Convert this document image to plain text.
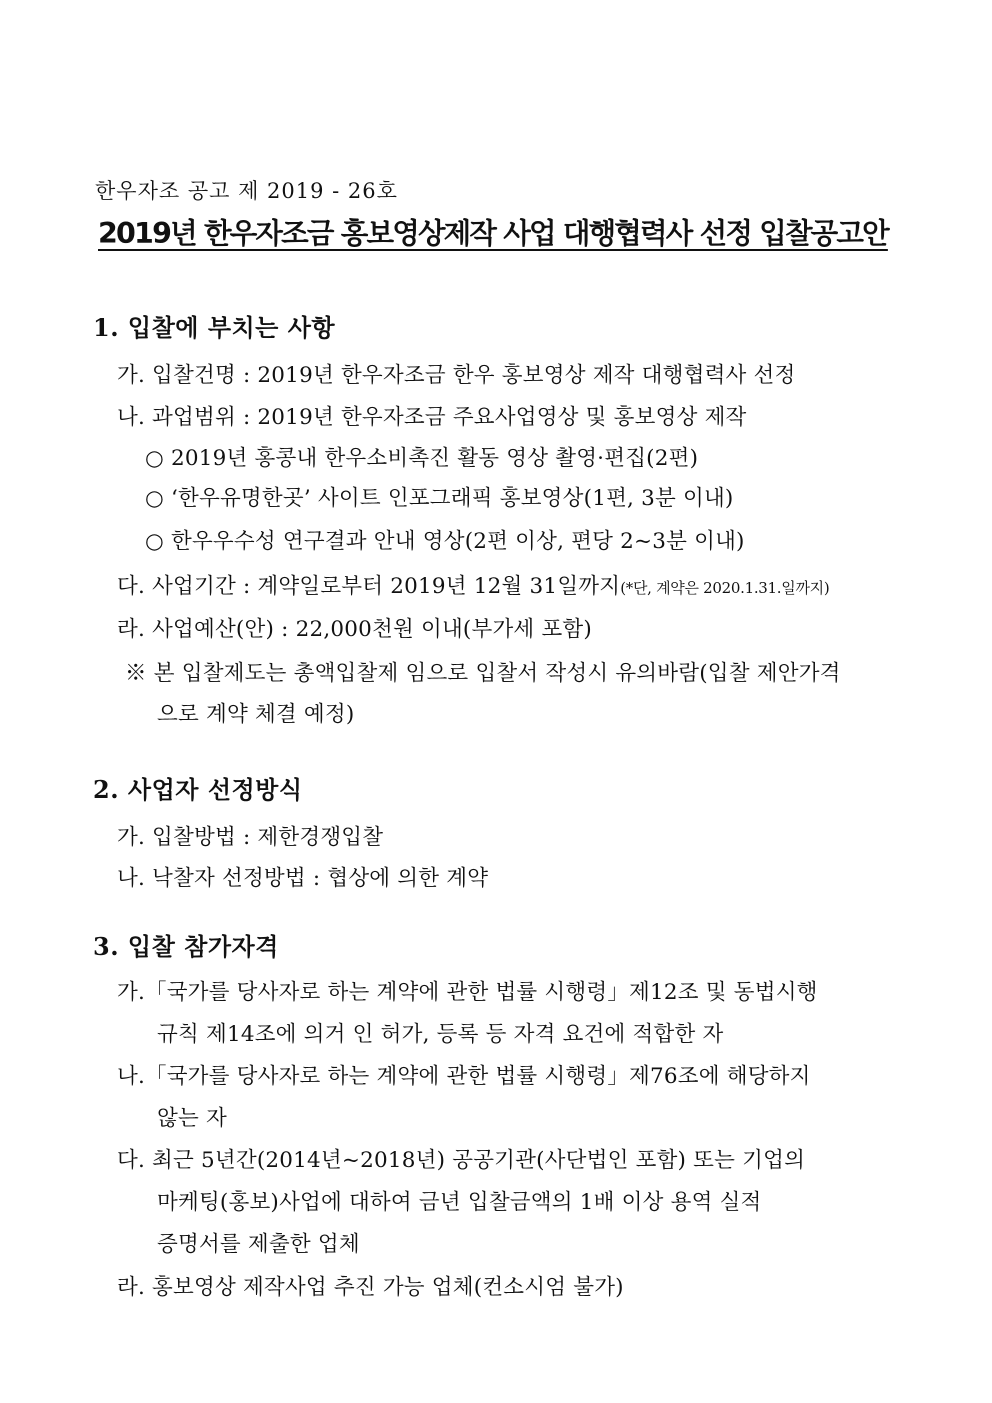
한우자조 공고 제 2019 - 26호
2019년 한우자조금 홍보영상제작 사업 대행협력사 선정 입찰공고안
1. 입찰에 부치는 사항
가. 입찰건명 : 2019년 한우자조금 한우 홍보영상 제작 대행협력사 선정
나. 과업범위 : 2019년 한우자조금 주요사업영상 및 홍보영상 제작
○ 2019년 홍콩내 한우소비촉진 활동 영상 촬영·편집(2편)
○ ‘한우유명한곳’ 사이트 인포그래픽 홍보영상(1편, 3분 이내)
○ 한우우수성 연구결과 안내 영상(2편 이상, 편당 2~3분 이내)
다. 사업기간 : 계약일로부터 2019년 12월 31일까지(*단, 계약은 2020.1.31.일까지)
라. 사업예산(안) : 22,000천원 이내(부가세 포함)
※ 본 입찰제도는 총액입찰제 임으로 입찰서 작성시 유의바람(입찰 제안가격
으로 계약 체결 예정)
2. 사업자 선정방식
가. 입찰방법 : 제한경쟁입찰
나. 낙찰자 선정방법 : 협상에 의한 계약
3. 입찰 참가자격
가.「국가를 당사자로 하는 계약에 관한 법률 시행령」제12조 및 동법시행
규칙 제14조에 의거 인 허가, 등록 등 자격 요건에 적합한 자
나.「국가를 당사자로 하는 계약에 관한 법률 시행령」제76조에 해당하지
않는 자
다. 최근 5년간(2014년~2018년) 공공기관(사단법인 포함) 또는 기업의
마케팅(홍보)사업에 대하여 금년 입찰금액의 1배 이상 용역 실적
증명서를 제출한 업체
라. 홍보영상 제작사업 추진 가능 업체(컨소시엄 불가)
